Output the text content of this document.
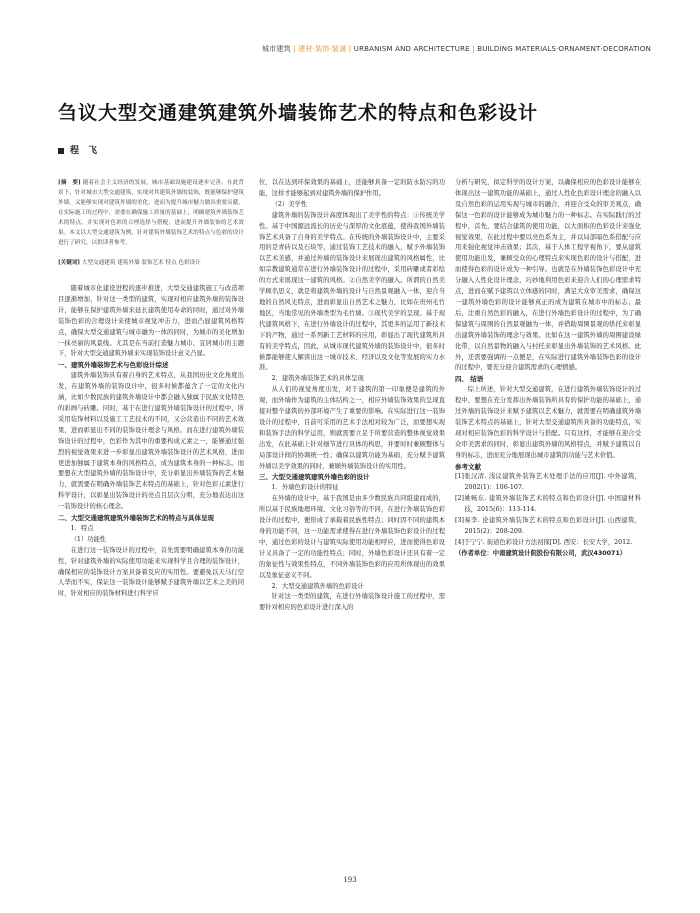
城市建筑 | 建材·装饰·装潢 | URBANISM AND ARCHITECTURE | BUILDING MATERIALS·ORNAMENT·DECORATION
刍议大型交通建筑建筑外墙装饰艺术的特点和色彩设计
程　飞

[摘　要] 随着社会主义经济的发展，城市基础设施建设逐步完善。在此背景下，针对城市大型交通建筑，实现对其建筑外墙的装饰，既能够保护建筑外墙，又能够实现对建筑外墙的美化，进而为提升城市魅力做出重要贡献。在实际施工的过程中，需要在确保施工质量的基础上，明确建筑外墙装饰艺术的特点，并实现对色彩的合理选择与搭配，进而提升外墙装饰的艺术效果。本文以大型交通建筑为例，针对建筑外墙装饰艺术的特点与色彩的设计进行了研究，以供读者参考。

[关键词] 大型交通建筑 建筑外墙 装饰艺术 特点 色彩设计

随着城市化建设进程的逐步推进，大型交通建筑施工与改造项目逐渐增加，针对这一类型的建筑，实现对相应建筑外墙的装饰设计，能够在保护建筑外墙来延长建筑使用寿命的同时，通过对外墙装饰色彩的合理设计来使城市视觉冲击力，进而凸显建筑风格特点，确保大型交通建筑与城市融为一体的同时，为城市的美化增加一抹亮丽的风景线。尤其是在当前打造魅力城市、宜居城市的主题下，针对大型交通建筑外墙来实现装饰设计意义凸显。

一、建筑外墙装饰艺术与色彩设计综述

建筑外墙装饰具有着自身的艺术特点，从我国历史文化角度出发，在建筑外墙的装饰设计中，很多时候都蕴含了一定的文化内涵，比如少数民族的建筑外墙设计中都会融入独属于民族文化特色的彩画与砖雕。同时，基于在进行建筑外墙装饰设计的过程中，所采用装饰材料以及施工工艺技术的不同，又会营造出不同的艺术效果，进而彰显出不同的装饰设计理念与风格。而在进行建筑外墙装饰设计的过程中，色彩作为其中的重要构成元素之一，能够通过强烈的视觉效果来进一步彰显出建筑外墙装饰设计的艺术风格，进而更进加独属于建筑本身的风格特点，成为建筑本身的一种标志。而要想在大型建筑外墙的装饰设计中，充分彰显出外墙装饰的艺术魅力，就需要在明确外墙装饰艺术特点的基础上，针对色彩元素进行科学设计，以彰显出装饰设计的亮点且层次分明，充分地表达出这一装饰设计的核心理念。

二、大型交通建筑建筑外墙装饰艺术的特点与具体呈现

1．特点

（1）功能性

在进行这一装饰设计的过程中，首先需要明确建筑本身的功能性，针对建筑外墙的实际使用功能来实现科学且合理的装饰设计，确保相应的装饰设计方案具备着及应的实用性。要避免以天马行空人华而不实，保证这一装饰设计能够赋予建筑外墙以艺术之美的同时，针对相应的装饰材料进行科学应

位，以在达到环保效果的基础上，还能够具备一定的防水防污的功能，这样才能够起到对建筑外墙的保护作用。

（2）美学性

建筑外墙的装饰设计高度体现出了美学性的特点：①传统美学性。基于中国源远流长的历史与深厚的文化底蕴，使得我国外墙装饰艺术具备了自身的美学特点。在传统的外墙装饰设计中，主要采用的是青砖以及石块等，通过装饰工艺技术的融入，赋予外墙装饰以艺术美感，并通过外墙的装饰设计来展现出建筑的风格属性，比如宗教建筑通常在进行外墙装饰设计的过程中，采用砖雕或者彩绘的方式来展现这一建筑的风格。②自然美学的融入。所谓的自然美学顾名思义，就是将建筑外墙的设计与自然景观融入一体，迎合当地的自然风光特点，进而彰显出自然艺术之魅力，比如在贵州毛竹地区，当地常见的外墙类型为毛竹墙。③现代美学的呈现。基于现代建筑风格下，在进行外墙设计的过程中，其更多的运用了新技术下的产物，通过一系列新工艺材料的应用，彰显出了现代建筑所具有的美学特点，因此，从城市现代建筑外墙的装饰设计中，很多时候都能够使人解读出这一城市技术、经济以及文化等发展的实力水准。

2．建筑外墙装饰艺术的具体呈现

从人们的视觉角度出发，对于建筑的第一印象便是建筑的外观，而外墙作为建筑的主体结构之一，相应外墙装饰效果的呈现直接对整个建筑的外部环境产生了重要的影响。在实际进行这一装饰设计的过程中，目前可采用的艺术手法相对较为广泛，而要想实现和装饰手法的科学运用，则就需要立足于所要营造的整体视觉效果出发，在此基础上针对细节进行具体的构思，并要时时兼顾整体与局部设计间的协调统一性；确保以建筑功能为基础，充分赋予建筑外墙以美学效果的同时，兼顾外墙装饰设计的实用性。

三、大型交通建筑建筑外墙色彩的设计

1．外墙色彩设计的特征

在外墙的设计中，基于我国是由多少数民族共同组建而成的，所以基于民族地理环境、文化习俗等的不同，在进行外墙装饰色彩设计的过程中，便形成了承载着民族性特点；同时因不同的建筑本身的功能不同，这一功能需求使得在进行外墙装饰色彩设计的过程中，通过色彩的设计与建筑实际使用功能相呼应，进而使得色彩设计又具备了一定的功能性特点；同时，外墙色彩设计还具有着一定的象征性与效果性特点，不同外墙装饰色彩的应用所体现出的效果以及象征意义不同。

2．大型交通建筑外墙的色彩设计

针对这一类型的建筑，在进行外墙装饰设计施工的过程中，需要针对相应的色彩设计进行深入的

分析与研究，拟定科学的设计方案，以确保相应的色彩设计能够在体现出这一建筑功能的基础上，通过人性化色彩设计理念的融入以及自然色彩的运用实现与城市的融合，并迎合受众的审美观点，确保这一色彩的设计能够成为城市魅力的一种标志。在实际践行的过程中，首先，要结合建筑的使用功能，以大面积的色彩设计来强化视觉效果，在此过程中要以亮色系为主，并以局部暗色系搭配与应用来强化视觉冲击效果；其次，基于人体工程学视角下，要从建筑使用功能出发，兼顾受众的心理特点来实现色彩的设计与搭配，进而使得色彩的设计成为一种引导。也就是在外墙装饰色彩设计中充分融入人性化设计理念，巧妙地利用色彩来迎合人们的心理需求特点，进而在赋予建筑以立体感的同时，满足大众审美需求，确保这一建筑外墙色彩的设计能够真正的成为建筑在城市中的标志；最后，注重自然色彩的融入，在进行外墙色彩设计的过程中，为了确保建筑与周围的自然景观融为一体，并借助周围景观的烘托来彰显出建筑外墙装饰的理念与效果。比如在这一建筑外墙的周围建设绿化带，以自然景物的融入与村托来彰显出外墙装饰的艺术风格。此外，还需要强调的一点便是，在实际进行建筑外墙装饰色彩的设计的过程中，要充分迎合建筑需求的心理情感。

四、 结语

综上所述，针对大型交通建筑，在进行建筑外墙装饰设计的过程中，要想在充分发挥出外墙装饰所具有的保护功能的基础上，通过外墙的装饰设计来赋予建筑以艺术魅力，就需要在明确建筑外墙装饰艺术特点的基础上，针对大型交通建筑所具备的功能特点，实现对相应装饰色彩的科学设计与搭配。只有这样，才能够在迎合受众审美需求的同时，彰显出建筑外墙的风格特点，并赋予建筑以自身的标志，进而充分地展现出城市建筑的功能与艺术价值。

参考文献

[1]张汉清. 浅议建筑外装饰艺术处理手法的应用[J]. 中外建筑，2002(1)：106-107.

[2]姚畅东. 建筑外墙装饰艺术的特点和色彩设计[J]. 中国建材科技，2015(6)：113-114.

[3]易李. 论建筑外墙装饰艺术的特点和色彩设计[J]. 山西建筑，2015(2)：208-209.

[4]于宁宁. 街道色彩设计方法初探[D]. 西安：长安大学，2012.

（作者单位：中南建筑设计院股份有限公司，武汉430071）

193
